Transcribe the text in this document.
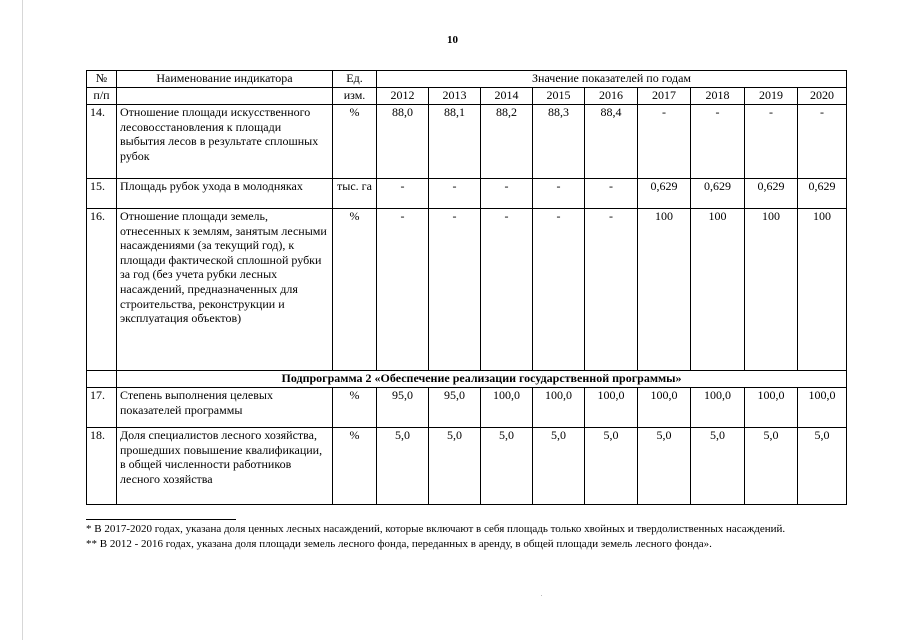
10
№	Наименование индикатора	Ед.	Значение показателей по годам								
п/п		изм.	2012	2013	2014	2015	2016	2017	2018	2019	2020
14.	Отношение площади искусственного лесовосстановления к площади выбытия лесов в результате сплошных рубок	%	88,0	88,1	88,2	88,3	88,4	-	-	-	-
15.	Площадь рубок ухода в молодняках	тыс. га	-	-	-	-	-	0,629	0,629	0,629	0,629
16.	Отношение площади земель, отнесенных к землям, занятым лесными насаждениями (за текущий год), к площади фактической сплошной рубки за год (без учета рубки лесных насаждений, предназначенных для строительства, реконструкции и эксплуатация объектов)	%	-	-	-	-	-	100	100	100	100
	Подпрограмма 2 «Обеспечение реализации государственной программы»										
17.	Степень выполнения целевых показателей программы	%	95,0	95,0	100,0	100,0	100,0	100,0	100,0	100,0	100,0
18.	Доля специалистов лесного хозяйства, прошедших повышение квалификации, в общей численности работников лесного хозяйства	%	5,0	5,0	5,0	5,0	5,0	5,0	5,0	5,0	5,0

* В 2017-2020 годах, указана доля ценных лесных насаждений, которые включают в себя площадь только хвойных и твердолиственных насаждений.

** В 2012 - 2016 годах, указана доля площади земель лесного фонда, переданных в аренду, в общей площади земель лесного фонда».
